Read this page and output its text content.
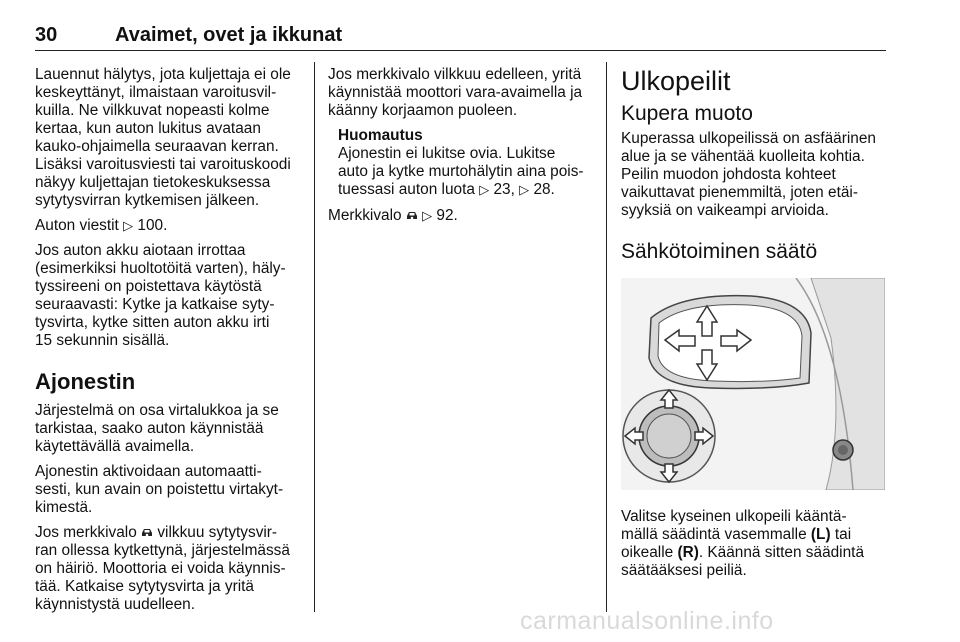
30	Avaimet, ovet ja ikkunat

Lauennut hälytys, jota kuljettaja ei ole
keskeyttänyt, ilmaistaan varoitusvil-
kuilla. Ne vilkkuvat nopeasti kolme
kertaa, kun auton lukitus avataan
kauko-ohjaimella seuraavan kerran.
Lisäksi varoitusviesti tai varoituskoodi
näkyy kuljettajan tietokeskuksessa
sytytysvirran kytkemisen jälkeen.

Auton viestit ▷ 100.

Jos auton akku aiotaan irrottaa
(esimerkiksi huoltotöitä varten), häly-
tyssireeni on poistettava käytöstä
seuraavasti: Kytke ja katkaise syty-
tysvirta, kytke sitten auton akku irti
15 sekunnin sisällä.

Ajonestin

Järjestelmä on osa virtalukkoa ja se
tarkistaa, saako auton käynnistää
käytettävällä avaimella.

Ajonestin aktivoidaan automaatti-
sesti, kun avain on poistettu virtakyt-
kimestä.

Jos merkkivalo vilkkuu sytytysvir-
ran ollessa kytkettynä, järjestelmässä
on häiriö. Moottoria ei voida käynnis-
tää. Katkaise sytytysvirta ja yritä
käynnistystä uudelleen.

Jos merkkivalo vilkkuu edelleen, yritä
käynnistää moottori vara-avaimella ja
käänny korjaamon puoleen.

Huomautus
Ajonestin ei lukitse ovia. Lukitse
auto ja kytke murtohälytin aina pois-
tuessasi auton luota ▷ 23, ▷ 28.

Merkkivalo ▷ 92.

Ulkopeilit
Kupera muoto

Kuperassa ulkopeilissä on asfäärinen
alue ja se vähentää kuolleita kohtia.
Peilin muodon johdosta kohteet
vaikuttavat pienemmiltä, joten etäi-
syyksiä on vaikeampi arvioida.

Sähkötoiminen säätö

Valitse kyseinen ulkopeili kääntä-
mällä säädintä vasemmalle (L) tai
oikealle (R). Käännä sitten säädintä
säätääksesi peiliä.

carmanualsonline.info
